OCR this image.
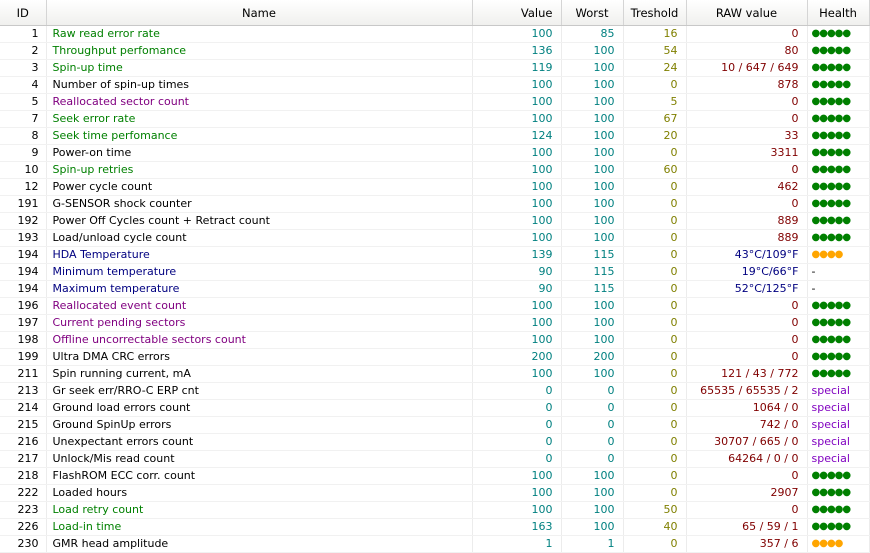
ID	Name	Value	Worst	Treshold	RAW value	Health
1	Raw read error rate	100	85	16	0	●●●●●
2	Throughput perfomance	136	100	54	80	●●●●●
3	Spin-up time	119	100	24	10 / 647 / 649	●●●●●
4	Number of spin-up times	100	100	0	878	●●●●●
5	Reallocated sector count	100	100	5	0	●●●●●
7	Seek error rate	100	100	67	0	●●●●●
8	Seek time perfomance	124	100	20	33	●●●●●
9	Power-on time	100	100	0	3311	●●●●●
10	Spin-up retries	100	100	60	0	●●●●●
12	Power cycle count	100	100	0	462	●●●●●
191	G-SENSOR shock counter	100	100	0	0	●●●●●
192	Power Off Cycles count + Retract count	100	100	0	889	●●●●●
193	Load/unload cycle count	100	100	0	889	●●●●●
194	HDA Temperature	139	115	0	43°C/109°F	●●●●
194	Minimum temperature	90	115	0	19°C/66°F	-
194	Maximum temperature	90	115	0	52°C/125°F	-
196	Reallocated event count	100	100	0	0	●●●●●
197	Current pending sectors	100	100	0	0	●●●●●
198	Offline uncorrectable sectors count	100	100	0	0	●●●●●
199	Ultra DMA CRC errors	200	200	0	0	●●●●●
211	Spin running current, mA	100	100	0	121 / 43 / 772	●●●●●
213	Gr seek err/RRO-C ERP cnt	0	0	0	65535 / 65535 / 2	special
214	Ground load errors count	0	0	0	1064 / 0	special
215	Ground SpinUp errors	0	0	0	742 / 0	special
216	Unexpectant errors count	0	0	0	30707 / 665 / 0	special
217	Unlock/Mis read count	0	0	0	64264 / 0 / 0	special
218	FlashROM ECC corr. count	100	100	0	0	●●●●●
222	Loaded hours	100	100	0	2907	●●●●●
223	Load retry count	100	100	50	0	●●●●●
226	Load-in time	163	100	40	65 / 59 / 1	●●●●●
230	GMR head amplitude	1	1	0	357 / 6	●●●●
